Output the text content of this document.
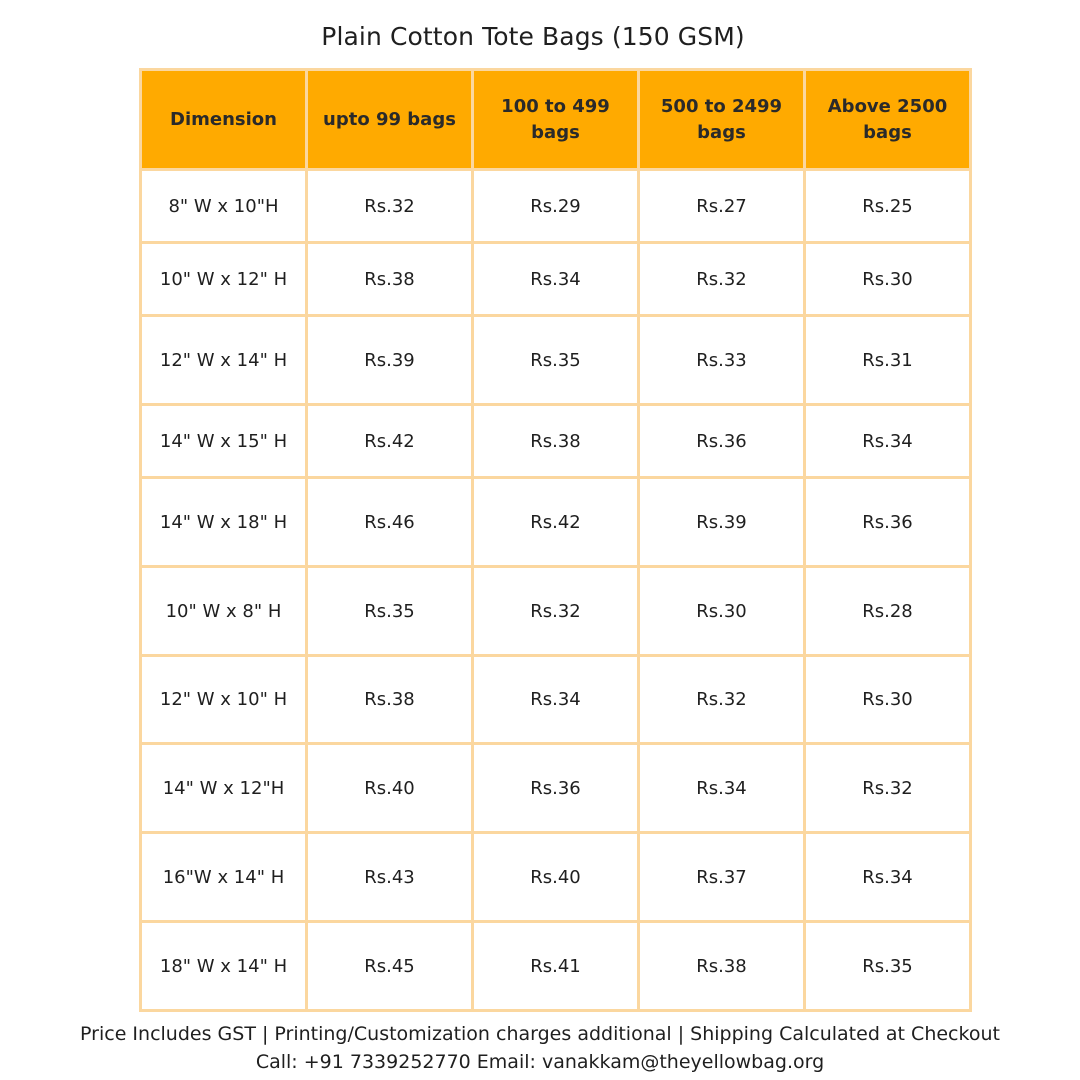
Plain Cotton Tote Bags (150 GSM)
Dimension	upto 99 bags	100 to 499 bags	500 to 2499 bags	Above 2500 bags
8" W x 10"H	Rs.32	Rs.29	Rs.27	Rs.25
10" W x 12" H	Rs.38	Rs.34	Rs.32	Rs.30
12" W x 14" H	Rs.39	Rs.35	Rs.33	Rs.31
14" W x 15" H	Rs.42	Rs.38	Rs.36	Rs.34
14" W x 18" H	Rs.46	Rs.42	Rs.39	Rs.36
10" W x 8" H	Rs.35	Rs.32	Rs.30	Rs.28
12" W x 10" H	Rs.38	Rs.34	Rs.32	Rs.30
14" W x 12"H	Rs.40	Rs.36	Rs.34	Rs.32
16"W x 14" H	Rs.43	Rs.40	Rs.37	Rs.34
18" W x 14" H	Rs.45	Rs.41	Rs.38	Rs.35
Price Includes GST | Printing/Customization charges additional | Shipping Calculated at Checkout
Call: +91 7339252770 Email: vanakkam@theyellowbag.org
